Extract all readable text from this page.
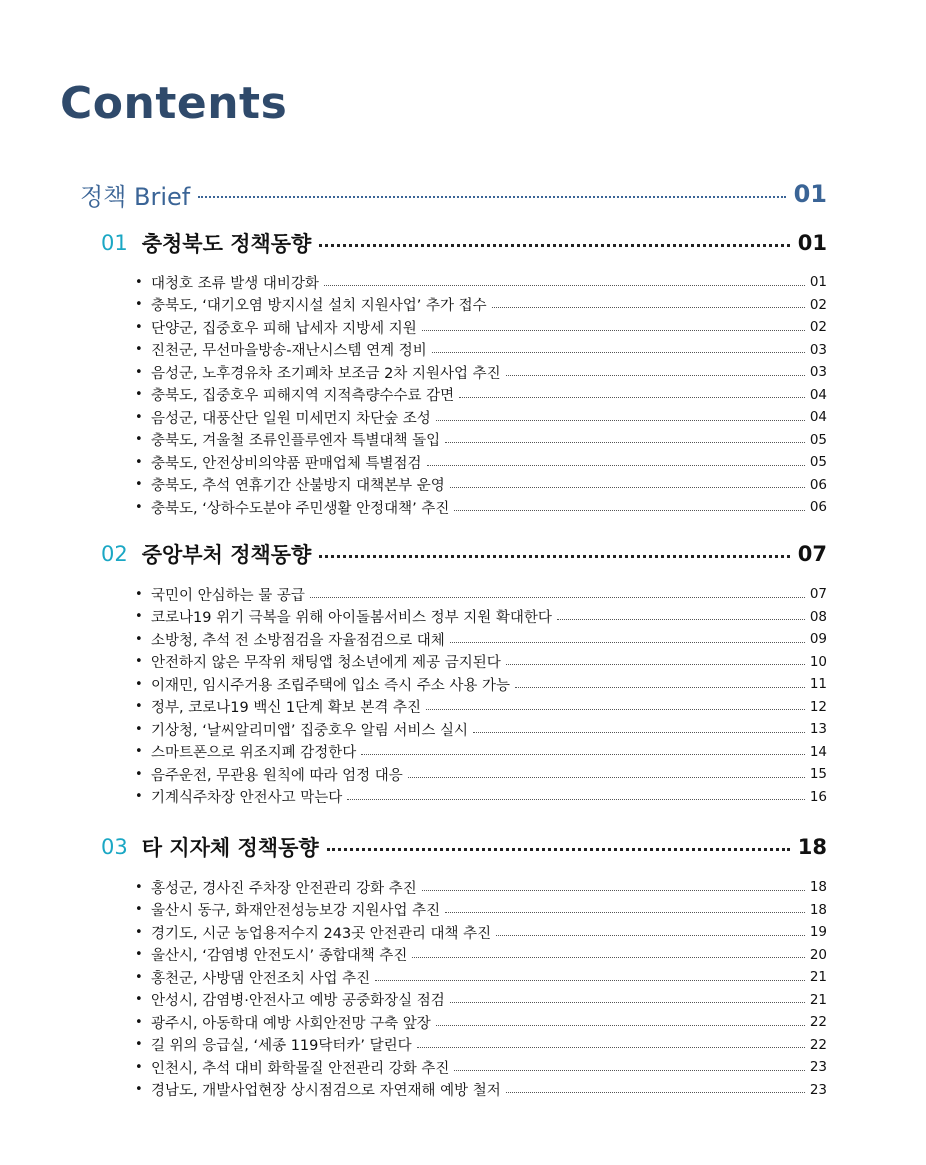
Contents
정책 Brief	01
01 충청북도 정책동향	01
• 대청호 조류 발생 대비강화	01
• 충북도, ‘대기오염 방지시설 설치 지원사업’ 추가 접수	02
• 단양군, 집중호우 피해 납세자 지방세 지원	02
• 진천군, 무선마을방송-재난시스템 연계 정비	03
• 음성군, 노후경유차 조기폐차 보조금 2차 지원사업 추진	03
• 충북도, 집중호우 피해지역 지적측량수수료 감면	04
• 음성군, 대풍산단 일원 미세먼지 차단숲 조성	04
• 충북도, 겨울철 조류인플루엔자 특별대책 돌입	05
• 충북도, 안전상비의약품 판매업체 특별점검	05
• 충북도, 추석 연휴기간 산불방지 대책본부 운영	06
• 충북도, ‘상하수도분야 주민생활 안정대책’ 추진	06
02 중앙부처 정책동향	07
• 국민이 안심하는 물 공급	07
• 코로나19 위기 극복을 위해 아이돌봄서비스 정부 지원 확대한다	08
• 소방청, 추석 전 소방점검을 자율점검으로 대체	09
• 안전하지 않은 무작위 채팅앱 청소년에게 제공 금지된다	10
• 이재민, 임시주거용 조립주택에 입소 즉시 주소 사용 가능	11
• 정부, 코로나19 백신 1단계 확보 본격 추진	12
• 기상청, ‘날씨알리미앱’ 집중호우 알림 서비스 실시	13
• 스마트폰으로 위조지폐 감정한다	14
• 음주운전, 무관용 원칙에 따라 엄정 대응	15
• 기계식주차장 안전사고 막는다	16
03 타 지자체 정책동향	18
• 홍성군, 경사진 주차장 안전관리 강화 추진	18
• 울산시 동구, 화재안전성능보강 지원사업 추진	18
• 경기도, 시군 농업용저수지 243곳 안전관리 대책 추진	19
• 울산시, ‘감염병 안전도시’ 종합대책 추진	20
• 홍천군, 사방댐 안전조치 사업 추진	21
• 안성시, 감염병·안전사고 예방 공중화장실 점검	21
• 광주시, 아동학대 예방 사회안전망 구축 앞장	22
• 길 위의 응급실, ‘세종 119닥터카’ 달린다	22
• 인천시, 추석 대비 화학물질 안전관리 강화 추진	23
• 경남도, 개발사업현장 상시점검으로 자연재해 예방 철저	23
